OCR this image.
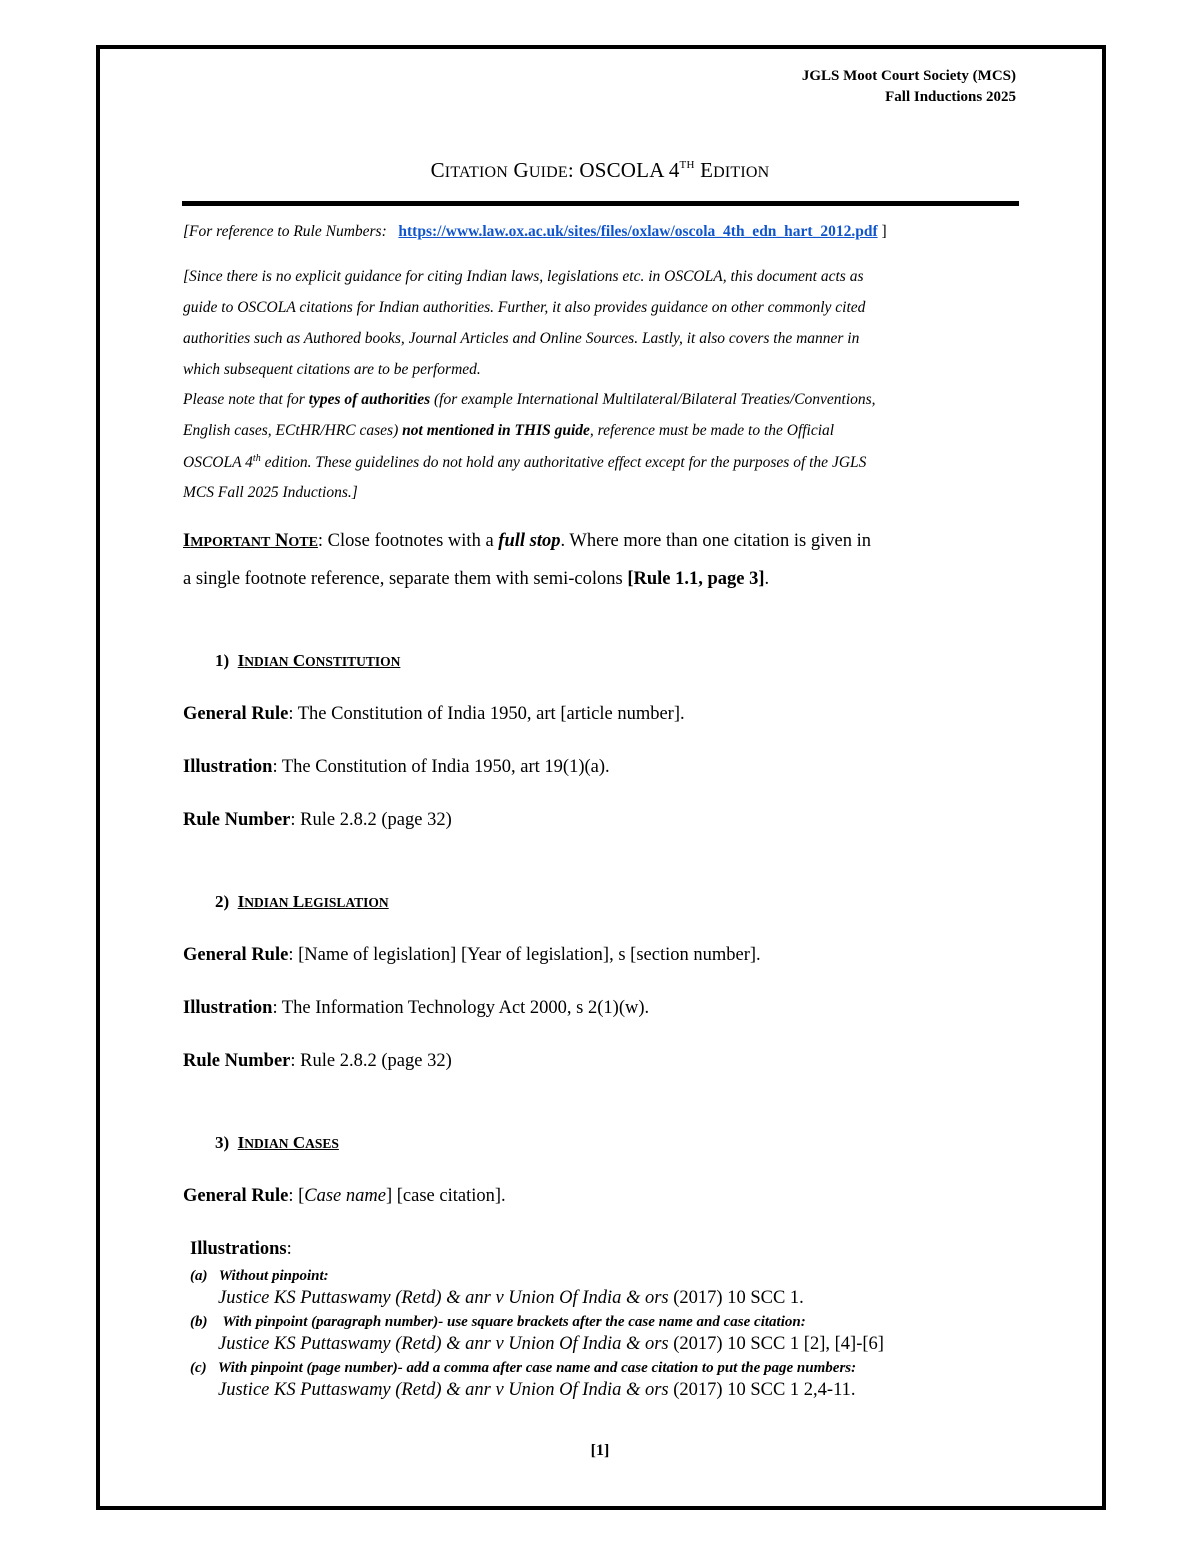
JGLS Moot Court Society (MCS)
Fall Inductions 2025
CITATION GUIDE: OSCOLA 4TH EDITION
[For reference to Rule Numbers: https://www.law.ox.ac.uk/sites/files/oxlaw/oscola_4th_edn_hart_2012.pdf ]
[Since there is no explicit guidance for citing Indian laws, legislations etc. in OSCOLA, this document acts as
guide to OSCOLA citations for Indian authorities. Further, it also provides guidance on other commonly cited
authorities such as Authored books, Journal Articles and Online Sources. Lastly, it also covers the manner in
which subsequent citations are to be performed.
Please note that for types of authorities (for example International Multilateral/Bilateral Treaties/Conventions,
English cases, ECtHR/HRC cases) not mentioned in THIS guide, reference must be made to the Official
OSCOLA 4th edition. These guidelines do not hold any authoritative effect except for the purposes of the JGLS
MCS Fall 2025 Inductions.]
IMPORTANT NOTE: Close footnotes with a full stop. Where more than one citation is given in
a single footnote reference, separate them with semi-colons [Rule 1.1, page 3].
1) INDIAN CONSTITUTION
General Rule: The Constitution of India 1950, art [article number].
Illustration: The Constitution of India 1950, art 19(1)(a).
Rule Number: Rule 2.8.2 (page 32)
2) INDIAN LEGISLATION
General Rule: [Name of legislation] [Year of legislation], s [section number].
Illustration: The Information Technology Act 2000, s 2(1)(w).
Rule Number: Rule 2.8.2 (page 32)
3) INDIAN CASES
General Rule: [Case name] [case citation].
Illustrations:
(a) Without pinpoint:
Justice KS Puttaswamy (Retd) & anr v Union Of India & ors (2017) 10 SCC 1.
(b) With pinpoint (paragraph number)- use square brackets after the case name and case citation:
Justice KS Puttaswamy (Retd) & anr v Union Of India & ors (2017) 10 SCC 1 [2], [4]-[6]
(c) With pinpoint (page number)- add a comma after case name and case citation to put the page numbers:
Justice KS Puttaswamy (Retd) & anr v Union Of India & ors (2017) 10 SCC 1 2,4-11.
[1]
